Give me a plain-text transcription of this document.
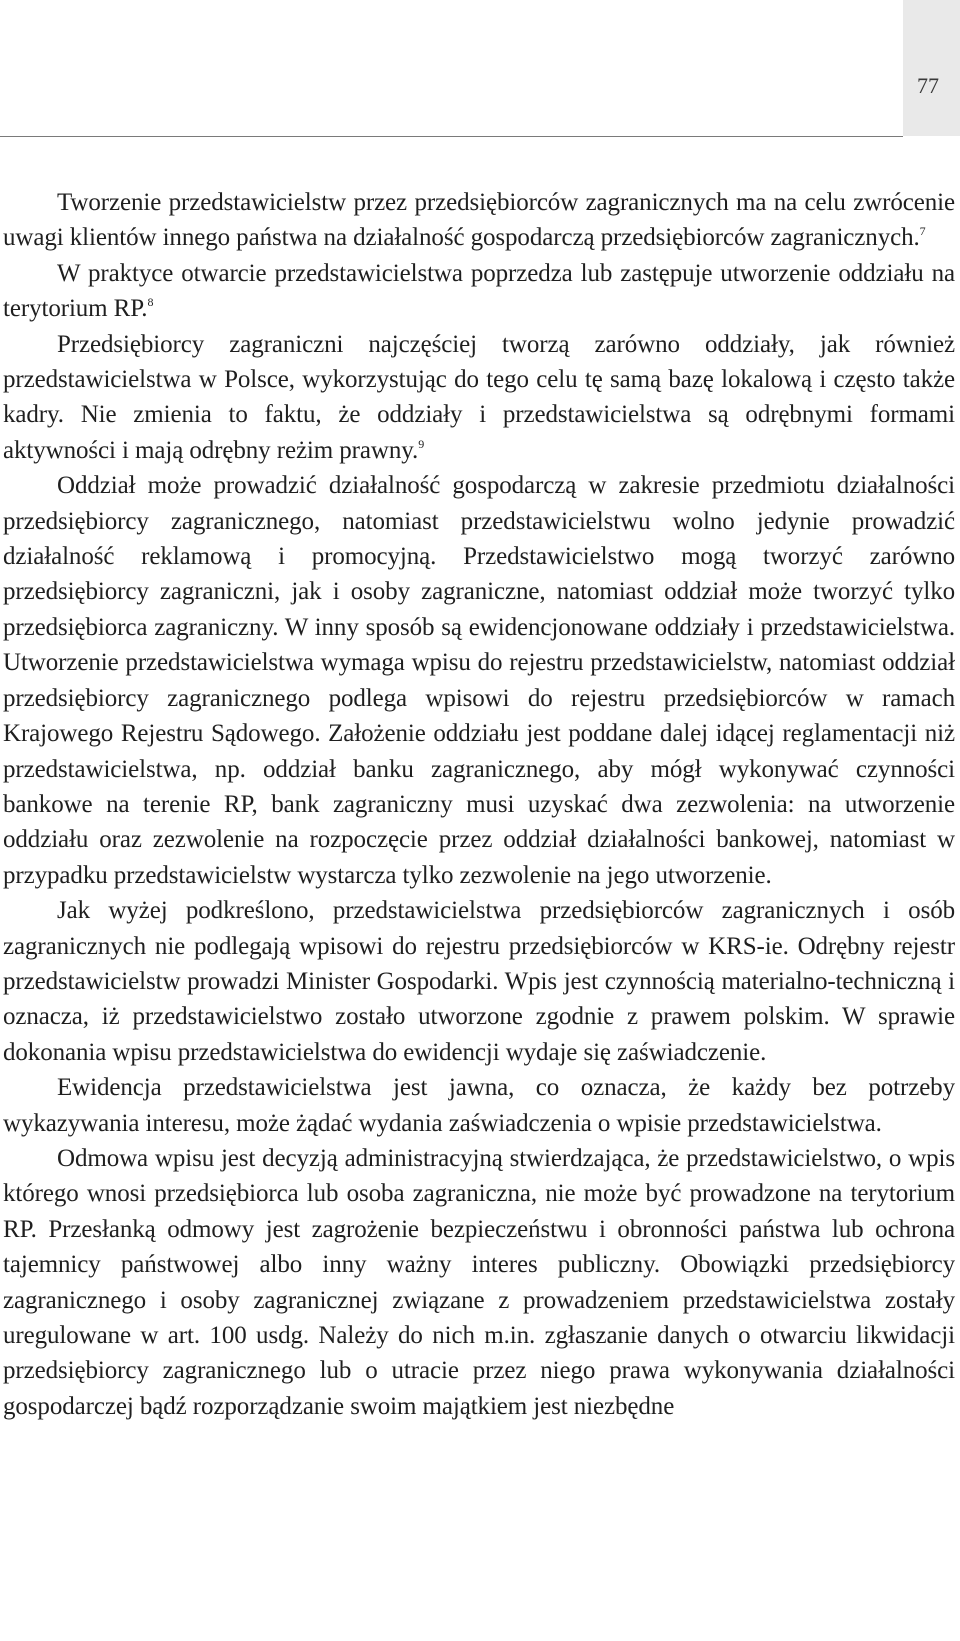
77

Tworzenie przedstawicielstw przez przedsiębiorców zagranicznych ma na celu zwrócenie uwagi klientów innego państwa na działalność gospodarczą przedsiębiorców zagranicznych.$^7$

W praktyce otwarcie przedstawicielstwa poprzedza lub zastępuje utworzenie oddziału na terytorium RP.$^8$

Przedsiębiorcy zagraniczni najczęściej tworzą zarówno oddziały, jak również przedstawicielstwa w Polsce, wykorzystując do tego celu tę samą bazę lokalową i często także kadry. Nie zmienia to faktu, że oddziały i przedstawicielstwa są odrębnymi formami aktywności i mają odrębny reżim prawny.$^9$

Oddział może prowadzić działalność gospodarczą w zakresie przedmiotu działalności przedsiębiorcy zagranicznego, natomiast przedstawicielstwu wolno jedynie prowadzić działalność reklamową i promocyjną. Przedstawicielstwo mogą tworzyć zarówno przedsiębiorcy zagraniczni, jak i osoby zagraniczne, natomiast oddział może tworzyć tylko przedsiębiorca zagraniczny. W inny sposób są ewidencjonowane oddziały i przedstawicielstwa. Utworzenie przedstawicielstwa wymaga wpisu do rejestru przedstawicielstw, natomiast oddział przedsiębiorcy zagranicznego podlega wpisowi do rejestru przedsiębiorców w ramach Krajowego Rejestru Sądowego. Założenie oddziału jest poddane dalej idącej reglamentacji niż przedstawicielstwa, np. oddział banku zagranicznego, aby mógł wykonywać czynności bankowe na terenie RP, bank zagraniczny musi uzyskać dwa zezwolenia: na utworzenie oddziału oraz zezwolenie na rozpoczęcie przez oddział działalności bankowej, natomiast w przypadku przedstawicielstw wystarcza tylko zezwolenie na jego utworzenie.

Jak wyżej podkreślono, przedstawicielstwa przedsiębiorców zagranicznych i osób zagranicznych nie podlegają wpisowi do rejestru przedsiębiorców w KRS-ie. Odrębny rejestr przedstawicielstw prowadzi Minister Gospodarki. Wpis jest czynnością materialno-techniczną i oznacza, iż przedstawicielstwo zostało utworzone zgodnie z prawem polskim. W sprawie dokonania wpisu przedstawicielstwa do ewidencji wydaje się zaświadczenie.

Ewidencja przedstawicielstwa jest jawna, co oznacza, że każdy bez potrzeby wykazywania interesu, może żądać wydania zaświadczenia o wpisie przedstawicielstwa.

Odmowa wpisu jest decyzją administracyjną stwierdzająca, że przedstawicielstwo, o wpis którego wnosi przedsiębiorca lub osoba zagraniczna, nie może być prowadzone na terytorium RP. Przesłanką odmowy jest zagrożenie bezpieczeństwu i obronności państwa lub ochrona tajemnicy państwowej albo inny ważny interes publiczny. Obowiązki przedsiębiorcy zagranicznego i osoby zagranicznej związane z prowadzeniem przedstawicielstwa zostały uregulowane w art. 100 usdg. Należy do nich m.in. zgłaszanie danych o otwarciu likwidacji przedsiębiorcy zagranicznego lub o utracie przez niego prawa wykonywania działalności gospodarczej bądź rozporządzanie swoim majątkiem jest niezbędne
